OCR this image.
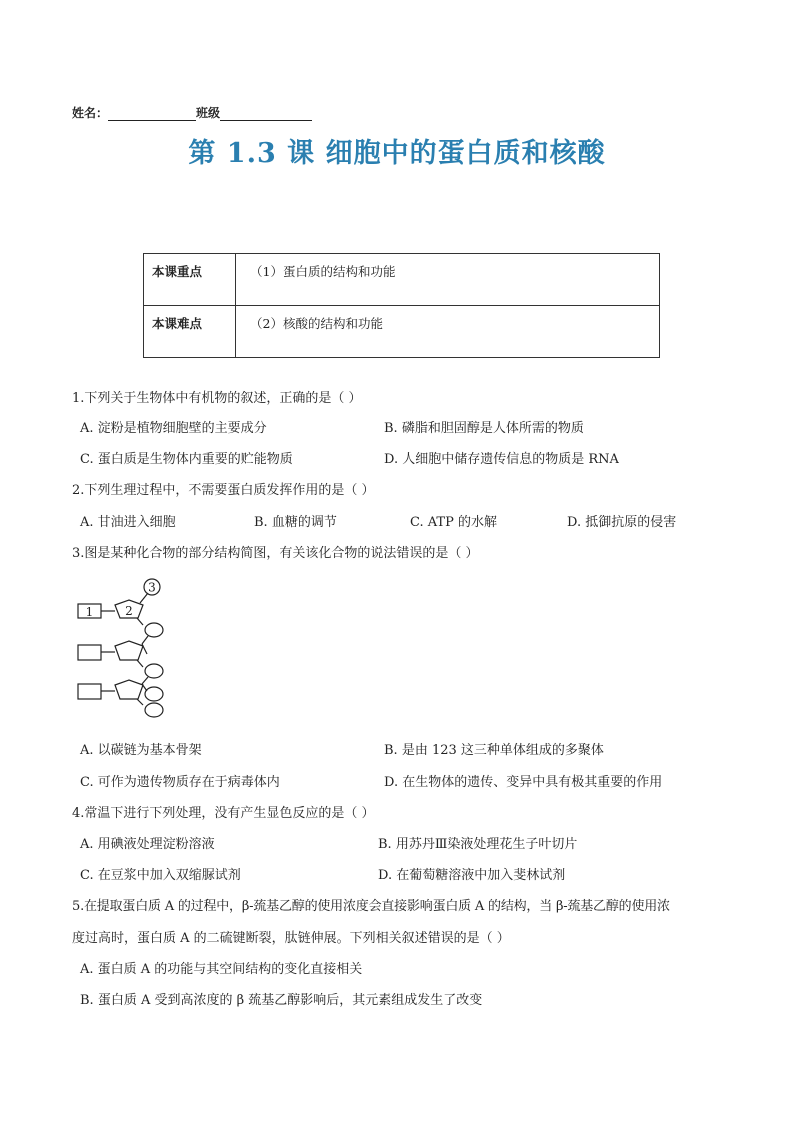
姓名：	班级
第 1.3 课 细胞中的蛋白质和核酸
本课重点	（1）蛋白质的结构和功能
本课难点	（2）核酸的结构和功能
1.下列关于生物体中有机物的叙述，正确的是（ ）
A. 淀粉是植物细胞壁的主要成分	B. 磷脂和胆固醇是人体所需的物质
C. 蛋白质是生物体内重要的贮能物质	D. 人细胞中储存遗传信息的物质是 RNA
2.下列生理过程中，不需要蛋白质发挥作用的是（ ）
A. 甘油进入细胞	B. 血糖的调节	C. ATP 的水解	D. 抵御抗原的侵害
3.图是某种化合物的部分结构简图，有关该化合物的说法错误的是（ ）
1	2
3
A. 以碳链为基本骨架	B. 是由 123 这三种单体组成的多聚体
C. 可作为遗传物质存在于病毒体内	D. 在生物体的遗传、变异中具有极其重要的作用
4.常温下进行下列处理，没有产生显色反应的是（ ）
A. 用碘液处理淀粉溶液	B. 用苏丹Ⅲ染液处理花生子叶切片
C. 在豆浆中加入双缩脲试剂	D. 在葡萄糖溶液中加入斐林试剂
5.在提取蛋白质 A 的过程中，β-巯基乙醇的使用浓度会直接影响蛋白质 A 的结构，当 β-巯基乙醇的使用浓
度过高时，蛋白质 A 的二硫键断裂，肽链伸展。下列相关叙述错误的是（ ）
A. 蛋白质 A 的功能与其空间结构的变化直接相关
B. 蛋白质 A 受到高浓度的 β 巯基乙醇影响后，其元素组成发生了改变
